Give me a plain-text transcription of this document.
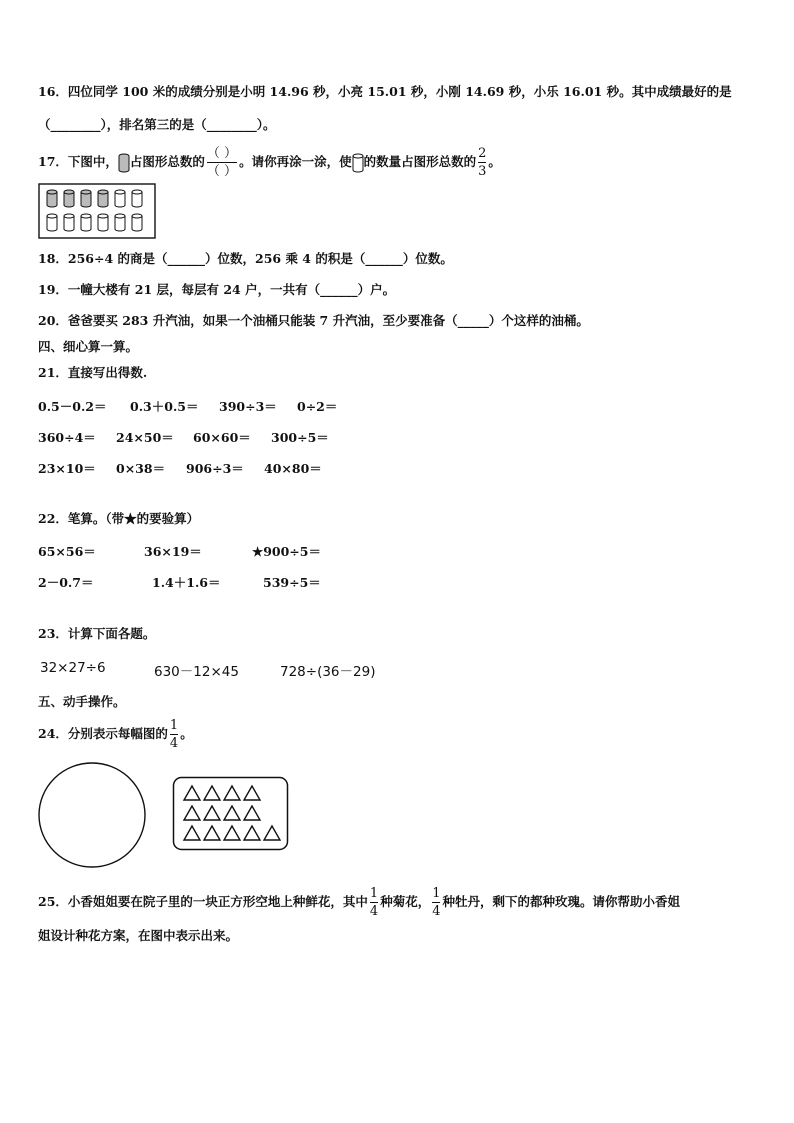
16．四位同学 100 米的成绩分别是小明 14.96 秒，小亮 15.01 秒，小刚 14.69 秒，小乐 16.01 秒。其中成绩最好的是
（________），排名第三的是（________）。
17．下图中， 占图形总数的 $\frac{( )}{( )}$ 。请你再涂一涂，使 的数量占图形总数的 $\frac{2}{3}$ 。
18．256÷4 的商是（______）位数，256 乘 4 的积是（______）位数。
19．一幢大楼有 21 层，每层有 24 户，一共有（______）户。
20．爸爸要买 283 升汽油，如果一个油桶只能装 7 升汽油，至少要准备（_____）个这样的油桶。
四、细心算一算。
21．直接写出得数.
0.5－0.2＝ 0.3＋0.5＝ 390÷3＝ 0÷2＝
360÷4＝ 24×50＝ 60×60＝ 300÷5＝
23×10＝ 0×38＝ 906÷3＝ 40×80＝
22．笔算。（带★的要验算）
65×56＝	36×19＝	★900÷5＝
2－0.7＝	1.4＋1.6＝	539÷5＝
23．计算下面各题。
32×27÷6	630－12×45	728÷(36－29)
五、动手操作。
24．分别表示每幅图的 $\frac{1}{4}$ 。
25．小香姐姐要在院子里的一块正方形空地上种鲜花，其中 $\frac{1}{4}$ 种菊花， $\frac{1}{4}$ 种牡丹，剩下的都种玫瑰。请你帮助小香姐
姐设计种花方案，在图中表示出来。
